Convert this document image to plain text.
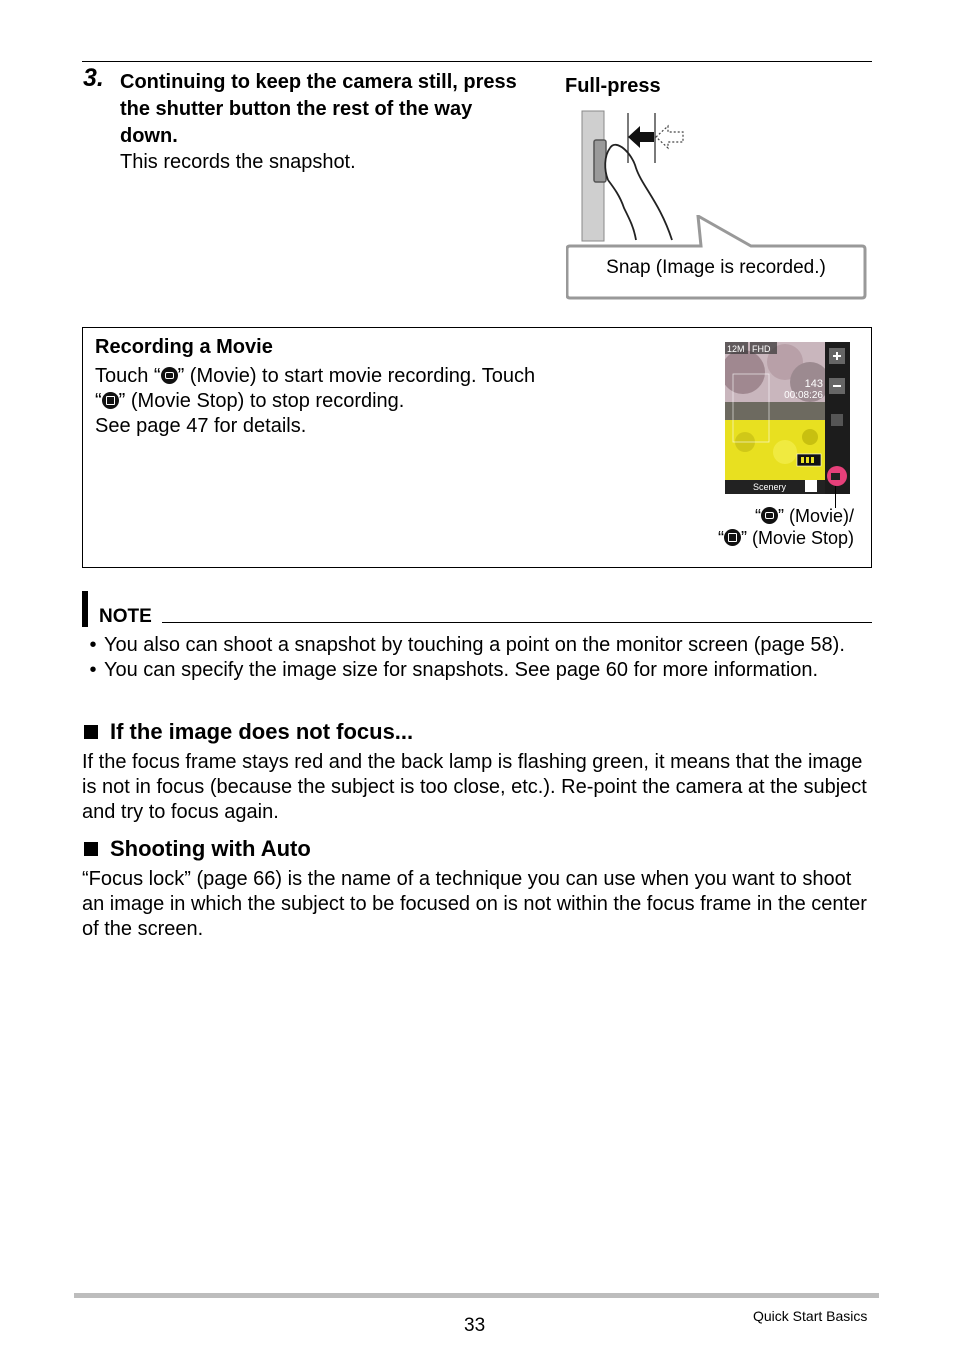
3. Continuing to keep the camera still, press the shutter button the rest of the way down.
This records the snapshot.
Full-press
Snap (Image is recorded.)
Recording a Movie
Touch “ ” (Movie) to start movie recording. Touch
“ ” (Movie Stop) to stop recording.
See page 47 for details.
12M FHD
143
00:08:26
Scenery
“ ” (Movie)/
“ ” (Movie Stop)
NOTE
• You also can shoot a snapshot by touching a point on the monitor screen (page 58).
• You can specify the image size for snapshots. See page 60 for more information.
If the image does not focus...
If the focus frame stays red and the back lamp is flashing green, it means that the image is not in focus (because the subject is too close, etc.). Re-point the camera at the subject and try to focus again.
Shooting with Auto
“Focus lock” (page 66) is the name of a technique you can use when you want to shoot an image in which the subject to be focused on is not within the focus frame in the center of the screen.
33	Quick Start Basics
